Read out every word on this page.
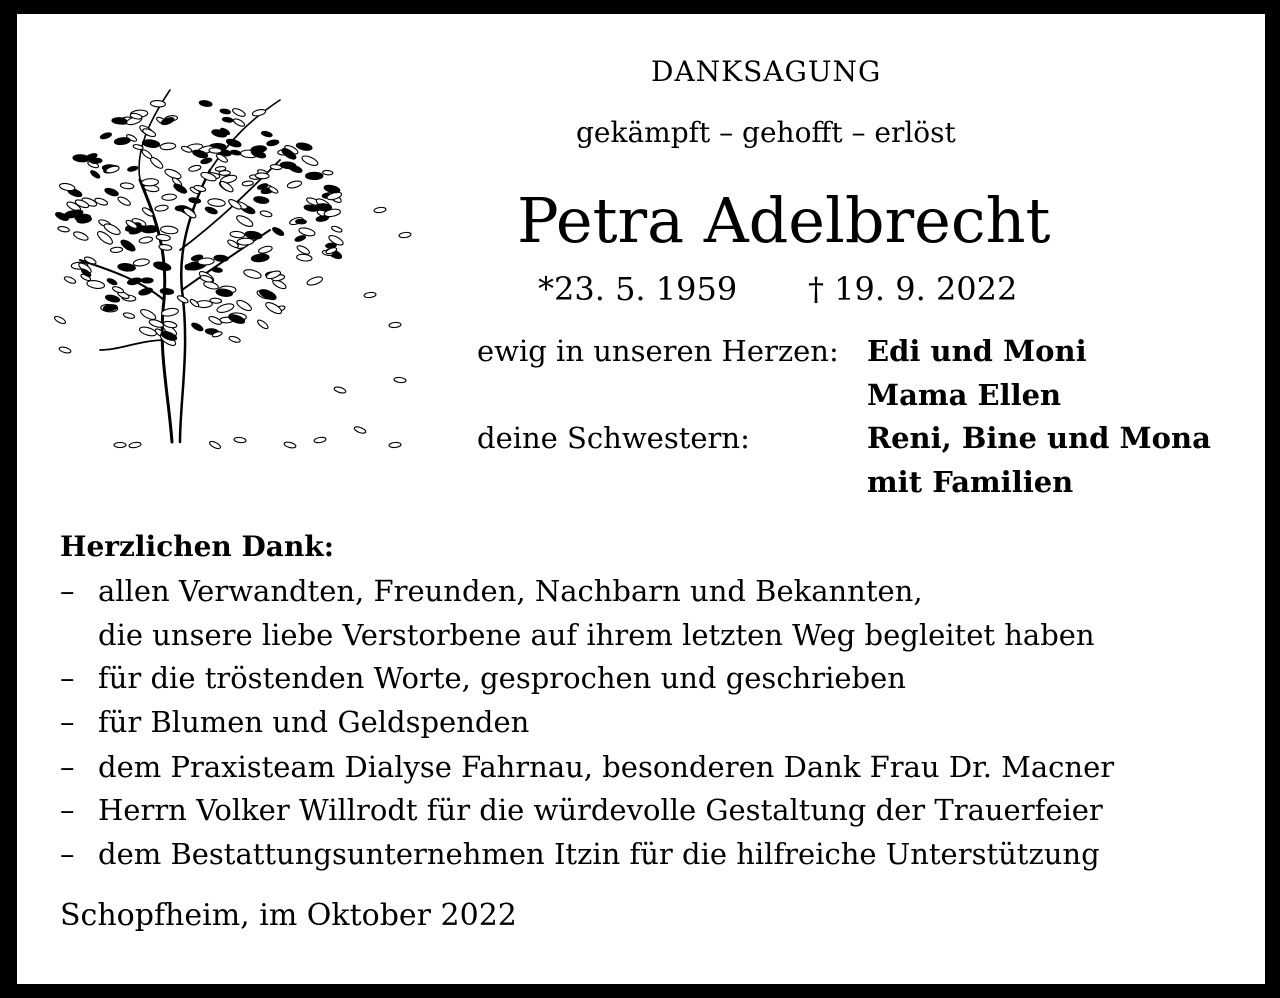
DANKSAGUNG
gekämpft – gehofft – erlöst
Petra Adelbrecht
*23. 5. 1959 † 19. 9. 2022
ewig in unseren Herzen: Edi und Moni
Mama Ellen
deine Schwestern:	Reni, Bine und Mona
mit Familien
Herzlichen Dank:
– allen Verwandten, Freunden, Nachbarn und Bekannten,
die unsere liebe Verstorbene auf ihrem letzten Weg begleitet haben
– für die tröstenden Worte, gesprochen und geschrieben
– für Blumen und Geldspenden
– dem Praxisteam Dialyse Fahrnau, besonderen Dank Frau Dr. Macner
– Herrn Volker Willrodt für die würdevolle Gestaltung der Trauerfeier
– dem Bestattungsunternehmen Itzin für die hilfreiche Unterstützung
Schopfheim, im Oktober 2022
